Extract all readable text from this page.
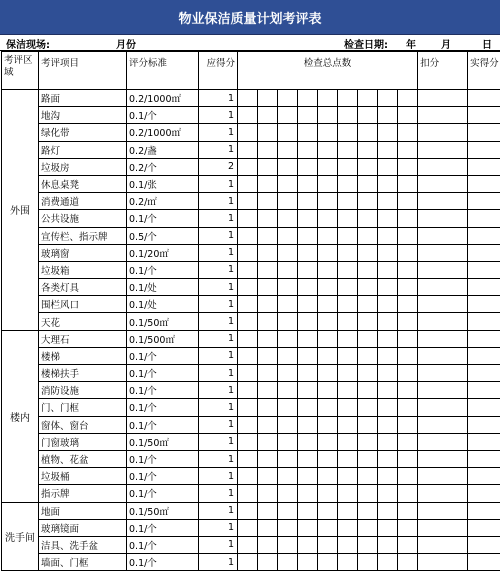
物业保洁质量计划考评表
保洁现场:	月份	检查日期: 年	月	日
考评区域	考评项目	评分标准	应得分	检查总点数									扣分	实得分
外围	路面	0.2/1000㎡	1											
	地沟	0.1/个	1											
	绿化带	0.2/1000㎡	1											
	路灯	0.2/盏	1											
	垃圾房	0.2/个	2											
	休息桌凳	0.1/张	1											
	消费通道	0.2/㎡	1											
	公共设施	0.1/个	1											
	宣传栏、指示牌	0.5/个	1											
	玻璃窗	0.1/20㎡	1											
	垃圾箱	0.1/个	1											
	各类灯具	0.1/处	1											
	围栏风口	0.1/处	1											
	天花	0.1/50㎡	1											
楼内	大理石	0.1/500㎡	1											
	楼梯	0.1/个	1											
	楼梯扶手	0.1/个	1											
	消防设施	0.1/个	1											
	门、门框	0.1/个	1											
	窗体、窗台	0.1/个	1											
	门窗玻璃	0.1/50㎡	1											
	植物、花盆	0.1/个	1											
	垃圾桶	0.1/个	1											
	指示牌	0.1/个	1											
洗手间	地面	0.1/50㎡	1											
	玻璃镜面	0.1/个	1											
	洁具、洗手盆	0.1/个	1											
	墙面、门框	0.1/个	1											
